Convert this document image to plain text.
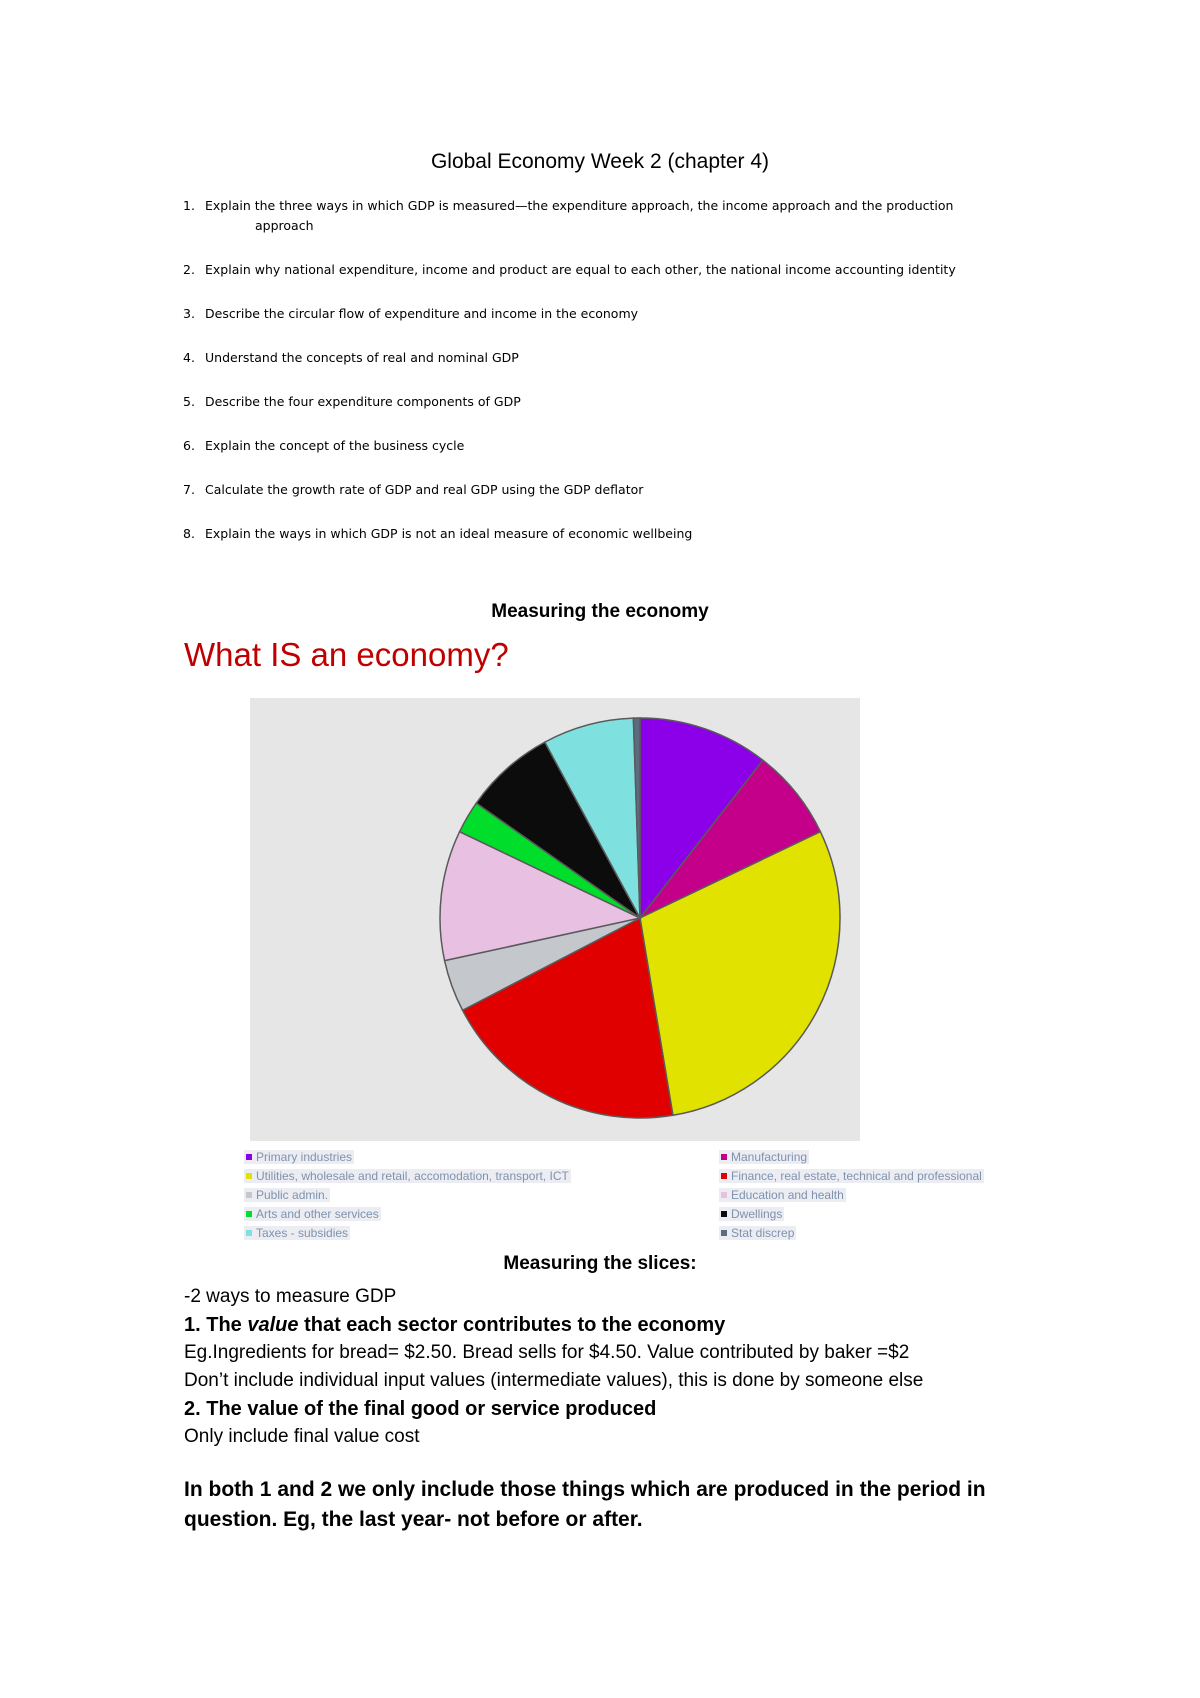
Global Economy Week 2 (chapter 4)
1. Explain the three ways in which GDP is measured—the expenditure approach, the income approach and the production
approach
2. Explain why national expenditure, income and product are equal to each other, the national income accounting identity
3. Describe the circular flow of expenditure and income in the economy
4. Understand the concepts of real and nominal GDP
5. Describe the four expenditure components of GDP
6. Explain the concept of the business cycle
7. Calculate the growth rate of GDP and real GDP using the GDP deflator
8. Explain the ways in which GDP is not an ideal measure of economic wellbeing
Measuring the economy
What IS an economy?
Primary industries	Manufacturing
Utilities, wholesale and retail, accomodation, transport, ICT	Finance, real estate, technical and professional
Public admin.	Education and health
Arts and other services	Dwellings
Taxes - subsidies	Stat discrep
Measuring the slices:

-2 ways to measure GDP

1. The value that each sector contributes to the economy

Eg.Ingredients for bread= $2.50. Bread sells for $4.50. Value contributed by baker =$2

Don’t include individual input values (intermediate values), this is done by someone else

2. The value of the final good or service produced

Only include final value cost

In both 1 and 2 we only include those things which are produced in the period in question. Eg, the last year- not before or after.
